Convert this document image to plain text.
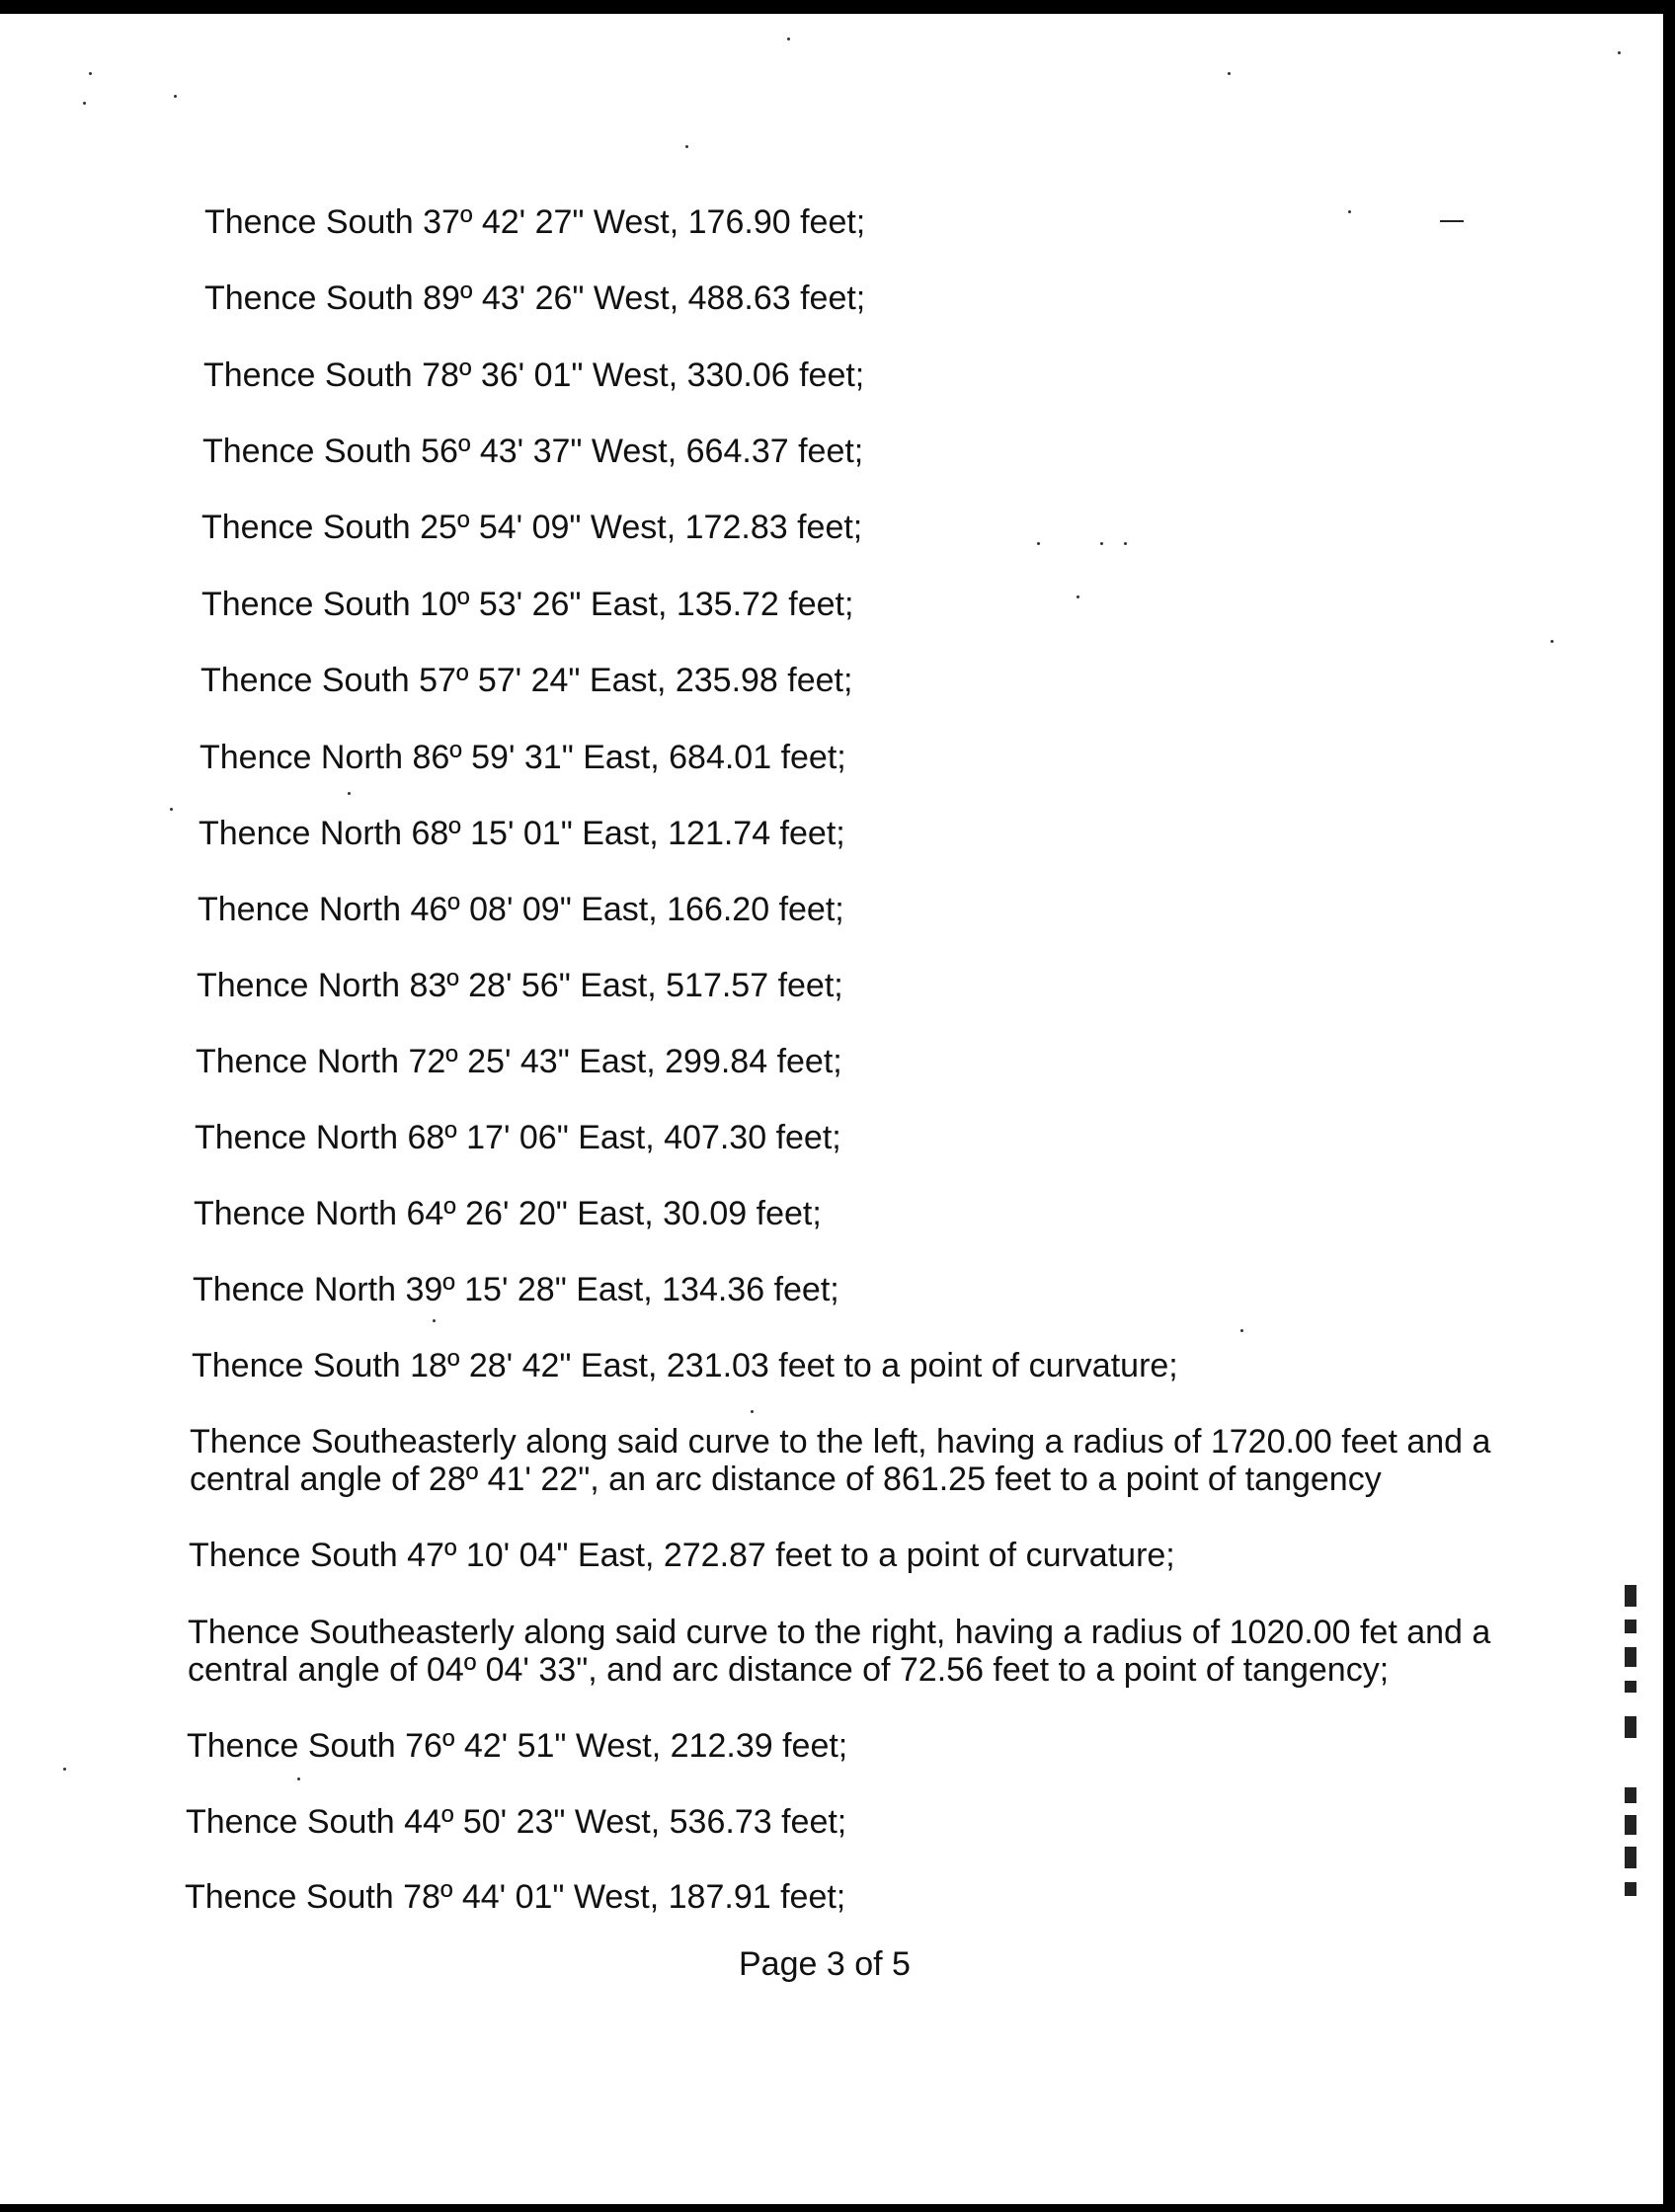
Thence South 37º 42' 27" West, 176.90 feet;
Thence South 89º 43' 26" West, 488.63 feet;
Thence South 78º 36' 01" West, 330.06 feet;
Thence South 56º 43' 37" West, 664.37 feet;
Thence South 25º 54' 09" West, 172.83 feet;
Thence South 10º 53' 26" East, 135.72 feet;
Thence South 57º 57' 24" East, 235.98 feet;
Thence North 86º 59' 31" East, 684.01 feet;
Thence North 68º 15' 01" East, 121.74 feet;
Thence North 46º 08' 09" East, 166.20 feet;
Thence North 83º 28' 56" East, 517.57 feet;
Thence North 72º 25' 43" East, 299.84 feet;
Thence North 68º 17' 06" East, 407.30 feet;
Thence North 64º 26' 20" East, 30.09 feet;
Thence North 39º 15' 28" East, 134.36 feet;
Thence South 18º 28' 42" East, 231.03 feet to a point of curvature;
Thence Southeasterly along said curve to the left, having a radius of 1720.00 feet and a central angle of 28º 41' 22", an arc distance of 861.25 feet to a point of tangency
Thence South 47º 10' 04" East, 272.87 feet to a point of curvature;
Thence Southeasterly along said curve to the right, having a radius of 1020.00 fet and a central angle of 04º 04' 33", and arc distance of 72.56 feet to a point of tangency;
Thence South 76º 42' 51" West, 212.39 feet;
Thence South 44º 50' 23" West, 536.73 feet;
Thence South 78º 44' 01" West, 187.91 feet;
Page 3 of 5
